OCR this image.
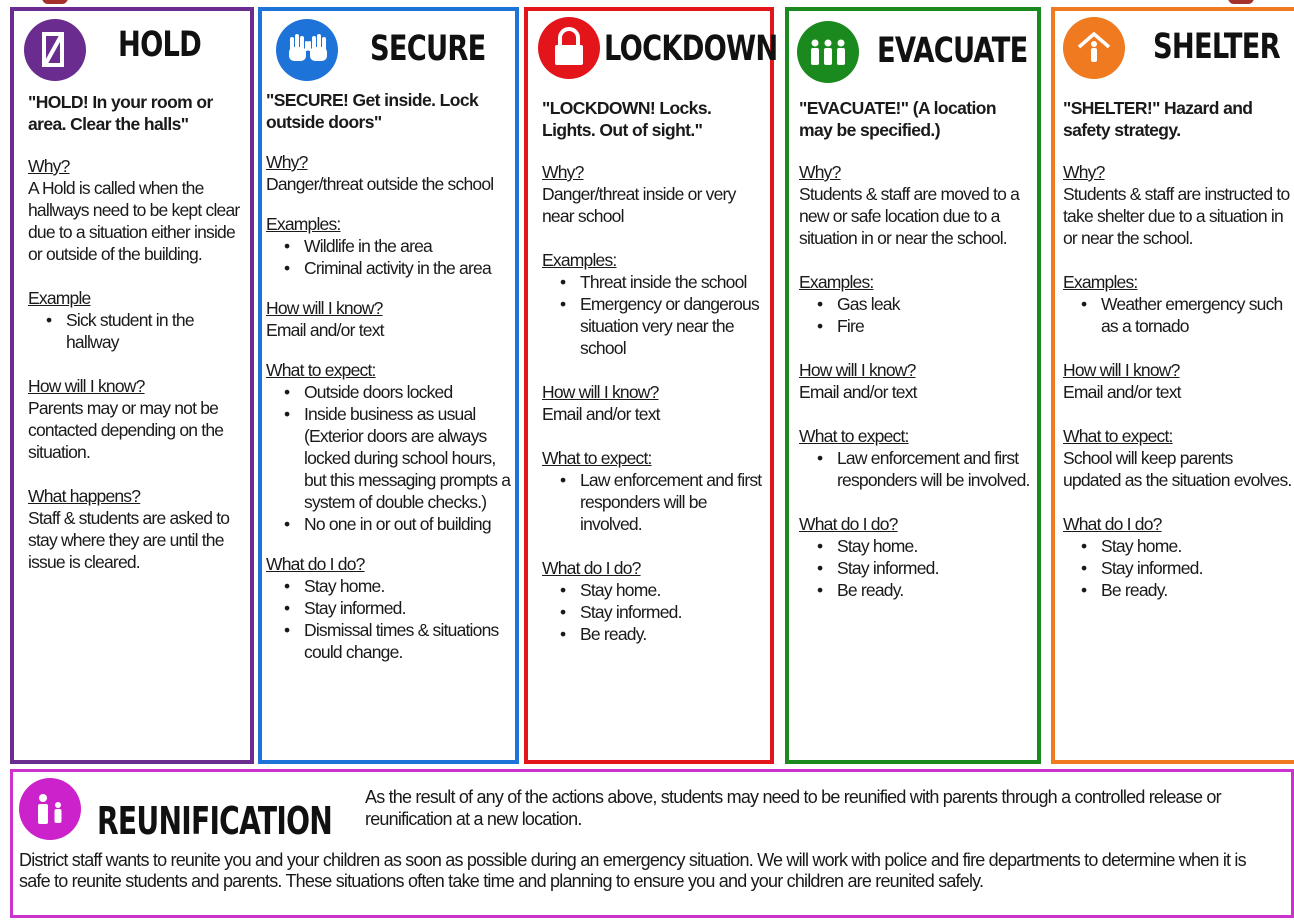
HOLD
"HOLD! In your room or area. Clear the halls"
Why?
A Hold is called when the hallways need to be kept clear due to a situation either inside or outside of the building.
Example
• Sick student in the hallway
How will I know?
Parents may or may not be contacted depending on the situation.
What happens?
Staff & students are asked to stay where they are until the issue is cleared.
SECURE
"SECURE! Get inside. Lock outside doors"
Why?
Danger/threat outside the school
Examples:
• Wildlife in the area
• Criminal activity in the area
How will I know?
Email and/or text
What to expect:
• Outside doors locked
• Inside business as usual (Exterior doors are always locked during school hours, but this messaging prompts a system of double checks.)
• No one in or out of building
What do I do?
• Stay home.
• Stay informed.
• Dismissal times & situations could change.
LOCKDOWN
"LOCKDOWN! Locks. Lights. Out of sight."
Why?
Danger/threat inside or very near school
Examples:
• Threat inside the school
• Emergency or dangerous situation very near the school
How will I know?
Email and/or text
What to expect:
• Law enforcement and first responders will be involved.
What do I do?
• Stay home.
• Stay informed.
• Be ready.
EVACUATE
"EVACUATE!" (A location may be specified.)
Why?
Students & staff are moved to a new or safe location due to a situation in or near the school.
Examples:
• Gas leak
• Fire
How will I know?
Email and/or text
What to expect:
• Law enforcement and first responders will be involved.
What do I do?
• Stay home.
• Stay informed.
• Be ready.
SHELTER
"SHELTER!" Hazard and safety strategy.
Why?
Students & staff are instructed to take shelter due to a situation in or near the school.
Examples:
• Weather emergency such as a tornado
How will I know?
Email and/or text
What to expect:
School will keep parents updated as the situation evolves.
What do I do?
• Stay home.
• Stay informed.
• Be ready.
REUNIFICATION
As the result of any of the actions above, students may need to be reunified with parents through a controlled release or reunification at a new location.
District staff wants to reunite you and your children as soon as possible during an emergency situation. We will work with police and fire departments to determine when it is safe to reunite students and parents. These situations often take time and planning to ensure you and your children are reunited safely.
